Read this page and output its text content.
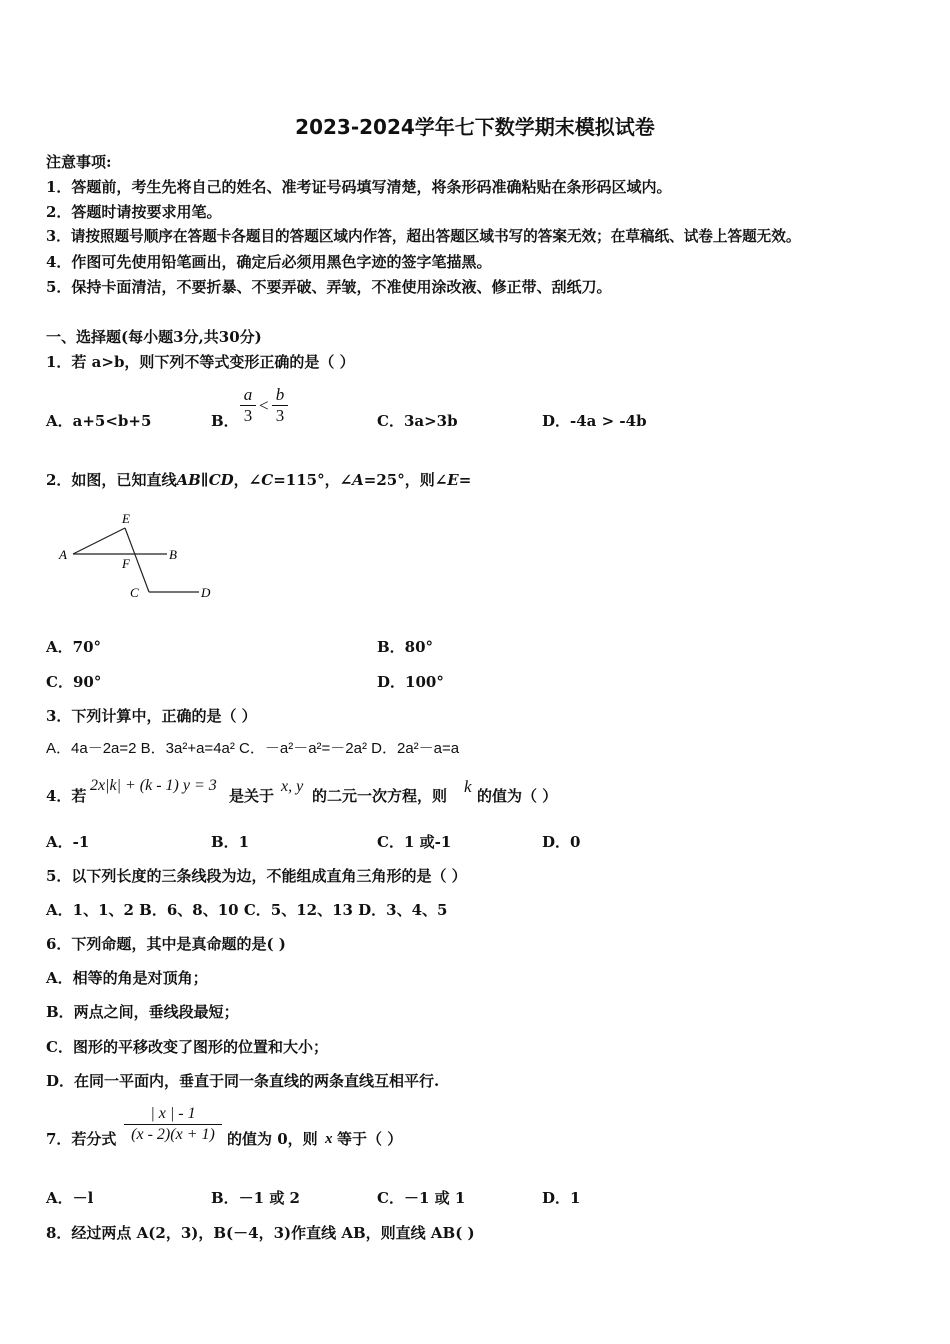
2023-2024学年七下数学期末模拟试卷
注意事项:
1．答题前，考生先将自己的姓名、准考证号码填写清楚，将条形码准确粘贴在条形码区域内。
2．答题时请按要求用笔。
3．请按照题号顺序在答题卡各题目的答题区域内作答，超出答题区域书写的答案无效；在草稿纸、试卷上答题无效。
4．作图可先使用铅笔画出，确定后必须用黑色字迹的签字笔描黑。
5．保持卡面清洁，不要折暴、不要弄破、弄皱，不准使用涂改液、修正带、刮纸刀。
一、选择题(每小题3分,共30分)
1．若 a>b，则下列不等式变形正确的是（ ）
A．a+5<b+5	B．
a
3
<
b
3	C．3a>3b	D．-4a > -4b
2．如图，已知直线AB∥CD，∠C=115°，∠A=25°，则∠E=
E
A	B
F
C	D
A．70°	B．80°
C．90°	D．100°
3．下列计算中，正确的是（ ）
A．4a－2a=2 B．3a²+a=4a² C．－a²－a²=－2a² D．2a²－a=a
4．若
2x|k| + (k - 1) y = 3
是关于
x, y
的二元一次方程，则 k 的值为（ ）
A．-1	B．1	C．1 或-1	D．0
5．以下列长度的三条线段为边，不能组成直角三角形的是（ ）
A．1、1、2 B．6、8、10 C．5、12、13 D．3、4、5
6．下列命题，其中是真命题的是( )
A．相等的角是对顶角；
B．两点之间，垂线段最短；
C．图形的平移改变了图形的位置和大小；
D．在同一平面内，垂直于同一条直线的两条直线互相平行.
7．若分式
| x | - 1
(x - 2)(x + 1) 的值为 0，则 x 等于（ ）
A．－l	B．－1 或 2	C．－1 或 1	D．1
8．经过两点 A(2，3)，B(－4，3)作直线 AB，则直线 AB( )
